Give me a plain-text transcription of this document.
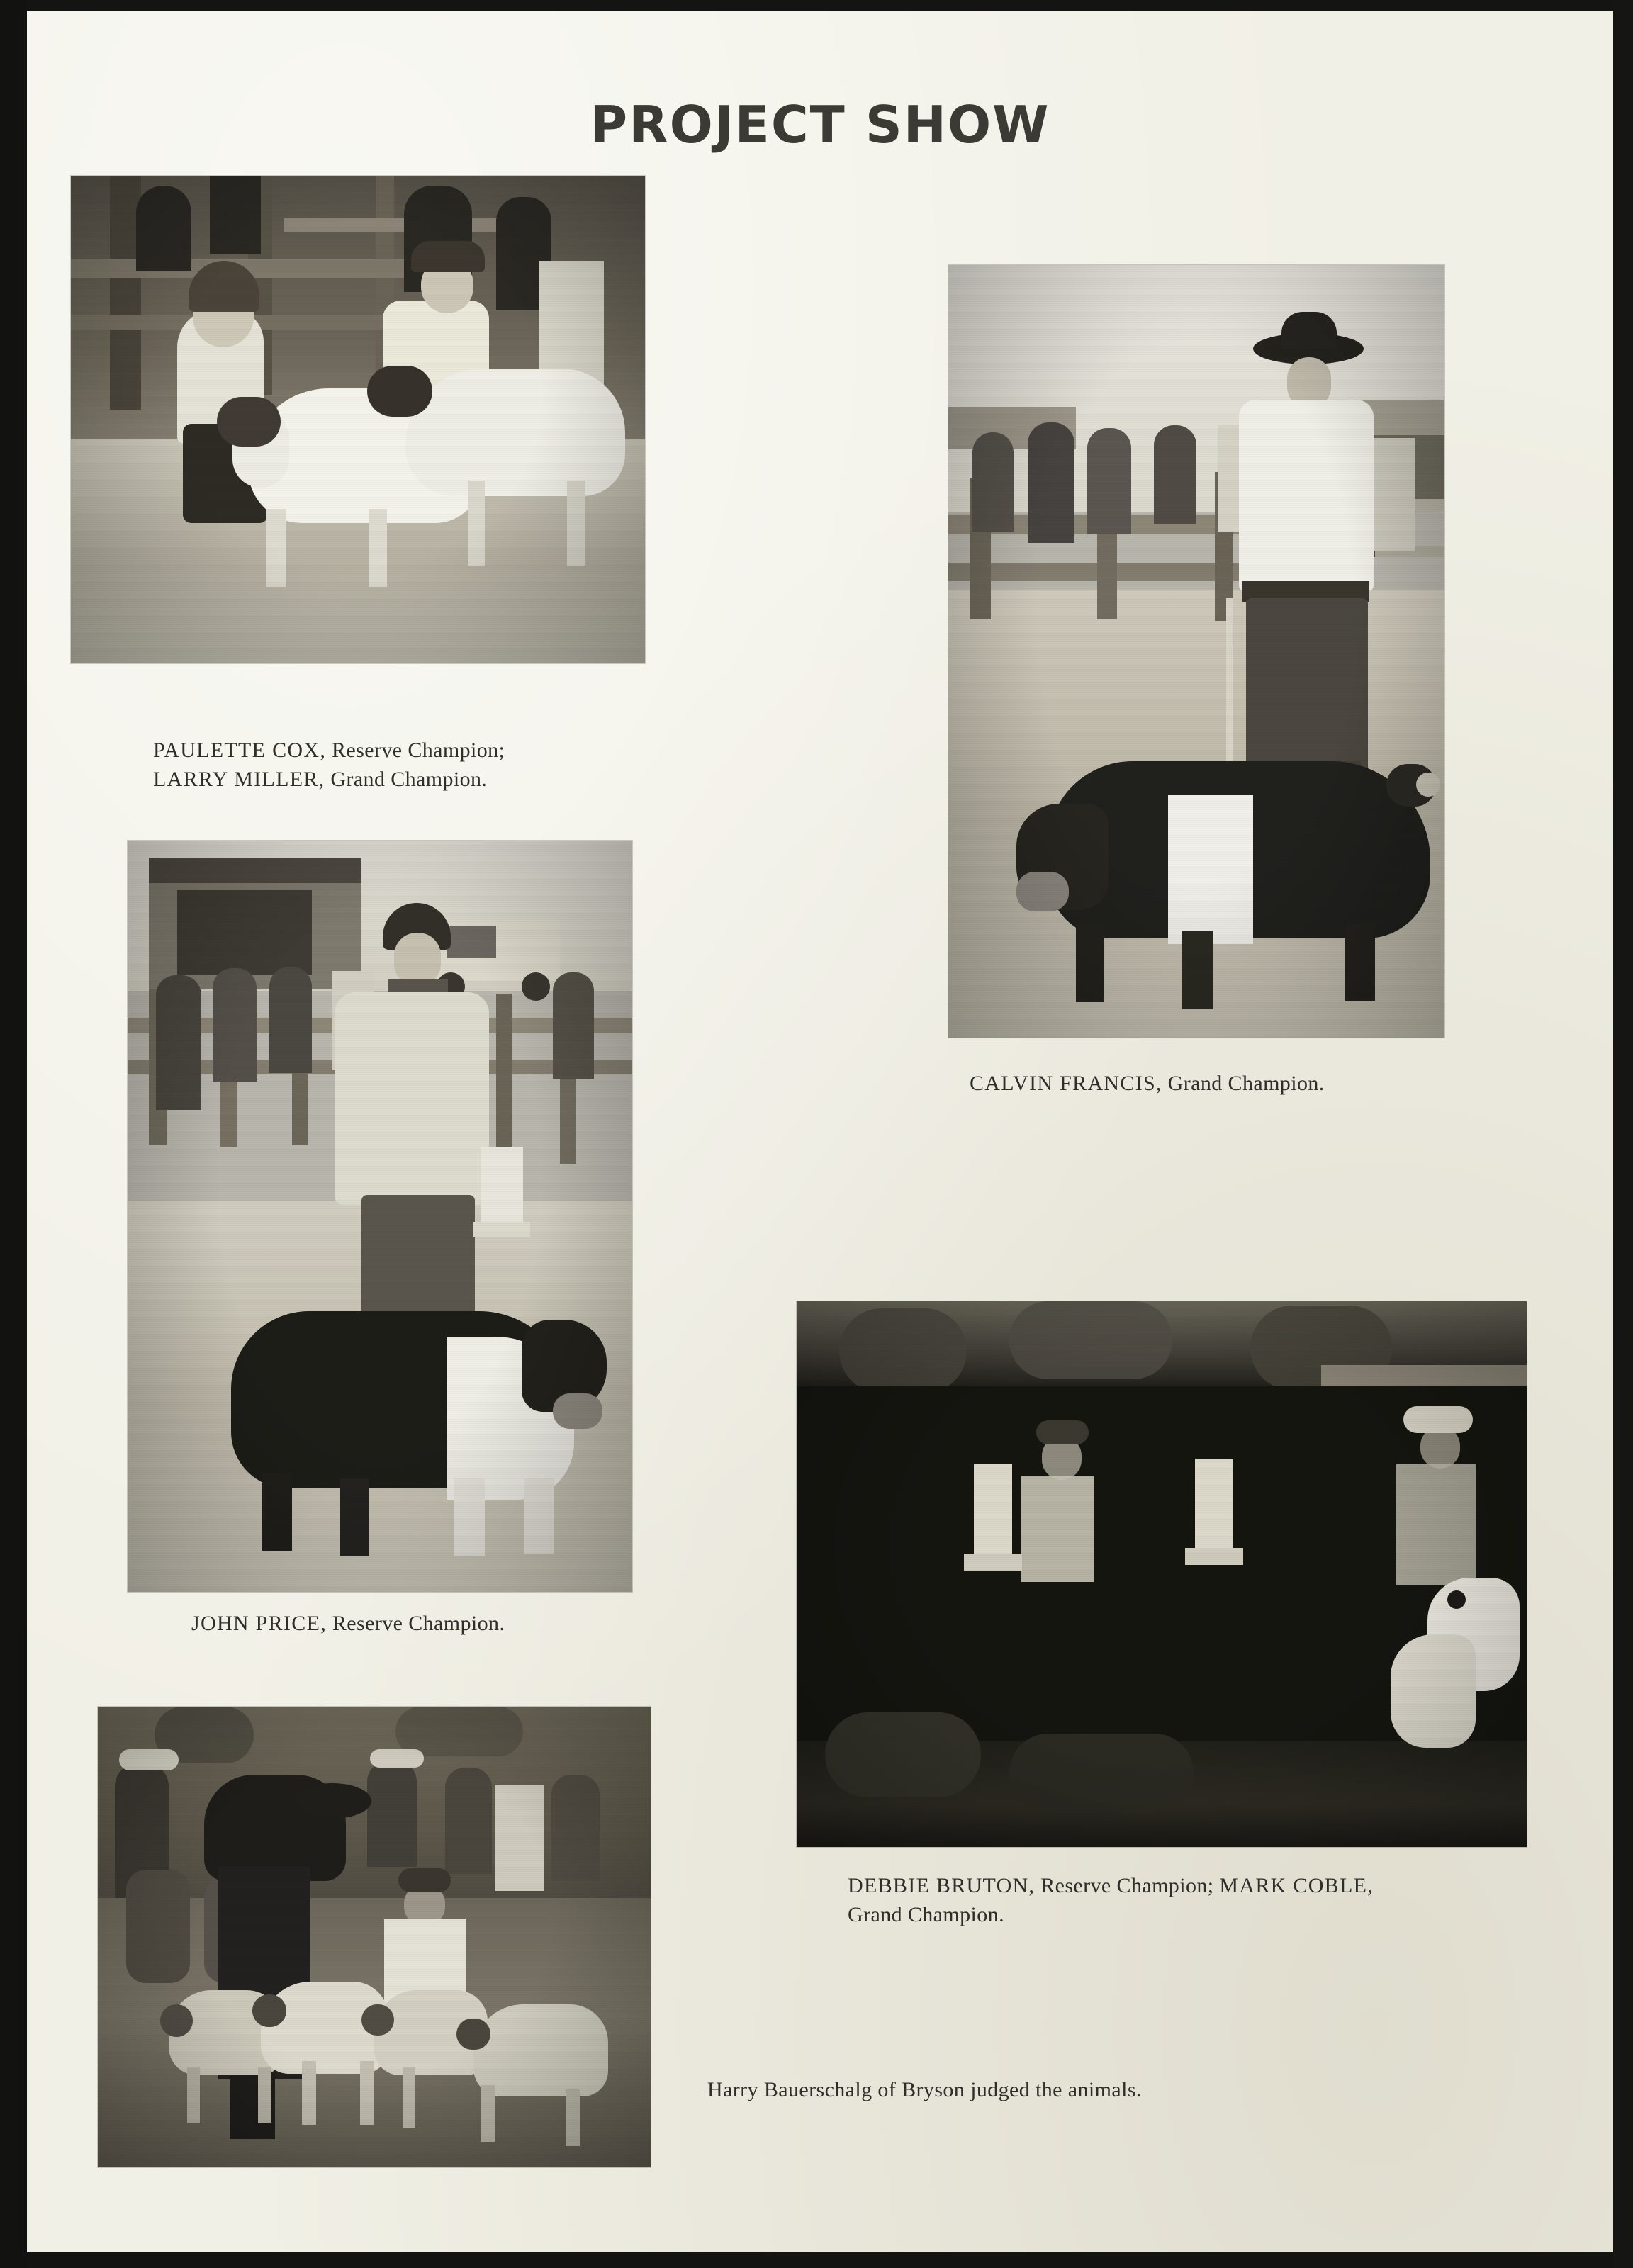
PROJECT SHOW
PAULETTE COX, Reserve Champion;
LARRY MILLER, Grand Champion.
CALVIN FRANCIS, Grand Champion.
JOHN PRICE, Reserve Champion.
DEBBIE BRUTON, Reserve Champion; MARK COBLE,
Grand Champion.
Harry Bauerschalg of Bryson judged the animals.
